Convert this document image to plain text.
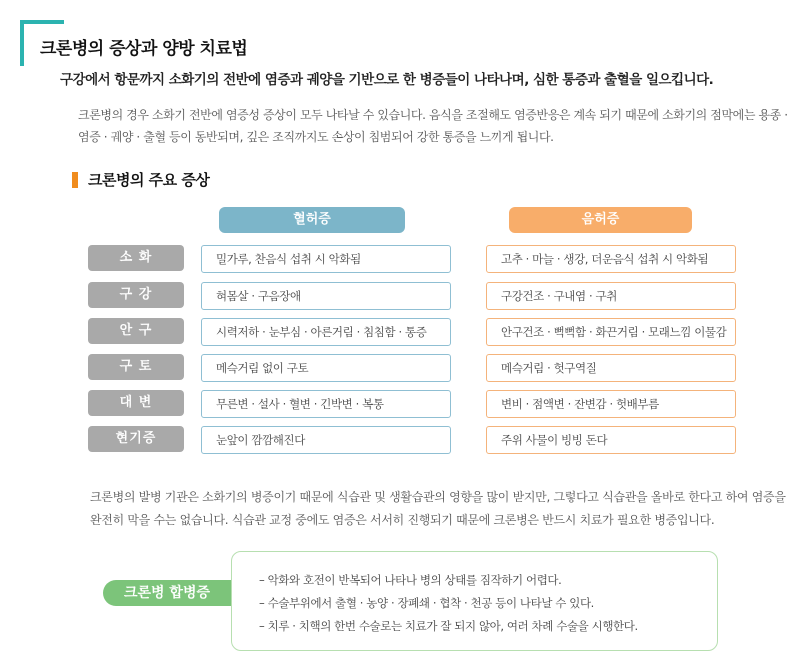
크론병의 증상과 양방 치료법
구강에서 항문까지 소화기의 전반에 염증과 궤양을 기반으로 한 병증들이 나타나며, 심한 통증과 출혈을 일으킵니다.
크론병의 경우 소화기 전반에 염증성 증상이 모두 나타날 수 있습니다. 음식을 조절해도 염증반응은 계속 되기 때문에 소화기의 점막에는 용종 · 염증 · 궤양 · 출혈 등이 동반되며, 깊은 조직까지도 손상이 침범되어 강한 통증을 느끼게 됩니다.
크론병의 주요 증상
혈허증	음허증
소 화	밀가루, 찬음식 섭취 시 악화됨	고추 · 마늘 · 생강, 더운음식 섭취 시 악화됨
구 강	혀몸살 · 구음장애	구강건조 · 구내염 · 구취
안 구	시력저하 · 눈부심 · 아른거림 · 침침함 · 통증	안구건조 · 뻑뻑함 · 화끈거림 · 모래느낌 이물감
구 토	메슥거림 없이 구토	메슥거림 · 헛구역질
대 변	무른변 · 설사 · 혈변 · 긴박변 · 복통	변비 · 점액변 · 잔변감 · 헛배부름
현기증	눈앞이 깜깜해진다	주위 사물이 빙빙 돈다
크론병의 발병 기관은 소화기의 병증이기 때문에 식습관 및 생활습관의 영향을 많이 받지만, 그렇다고 식습관을 올바로 한다고 하여 염증을 완전히 막을 수는 없습니다. 식습관 교정 중에도 염증은 서서히 진행되기 때문에 크론병은 반드시 치료가 필요한 병증입니다.
크론병 합병증
– 악화와 호전이 반복되어 나타나 병의 상태를 짐작하기 어렵다.
– 수술부위에서 출혈 · 농양 · 장폐쇄 · 협착 · 천공 등이 나타날 수 있다.
– 치루 · 치핵의 한번 수술로는 치료가 잘 되지 않아, 여러 차례 수술을 시행한다.
